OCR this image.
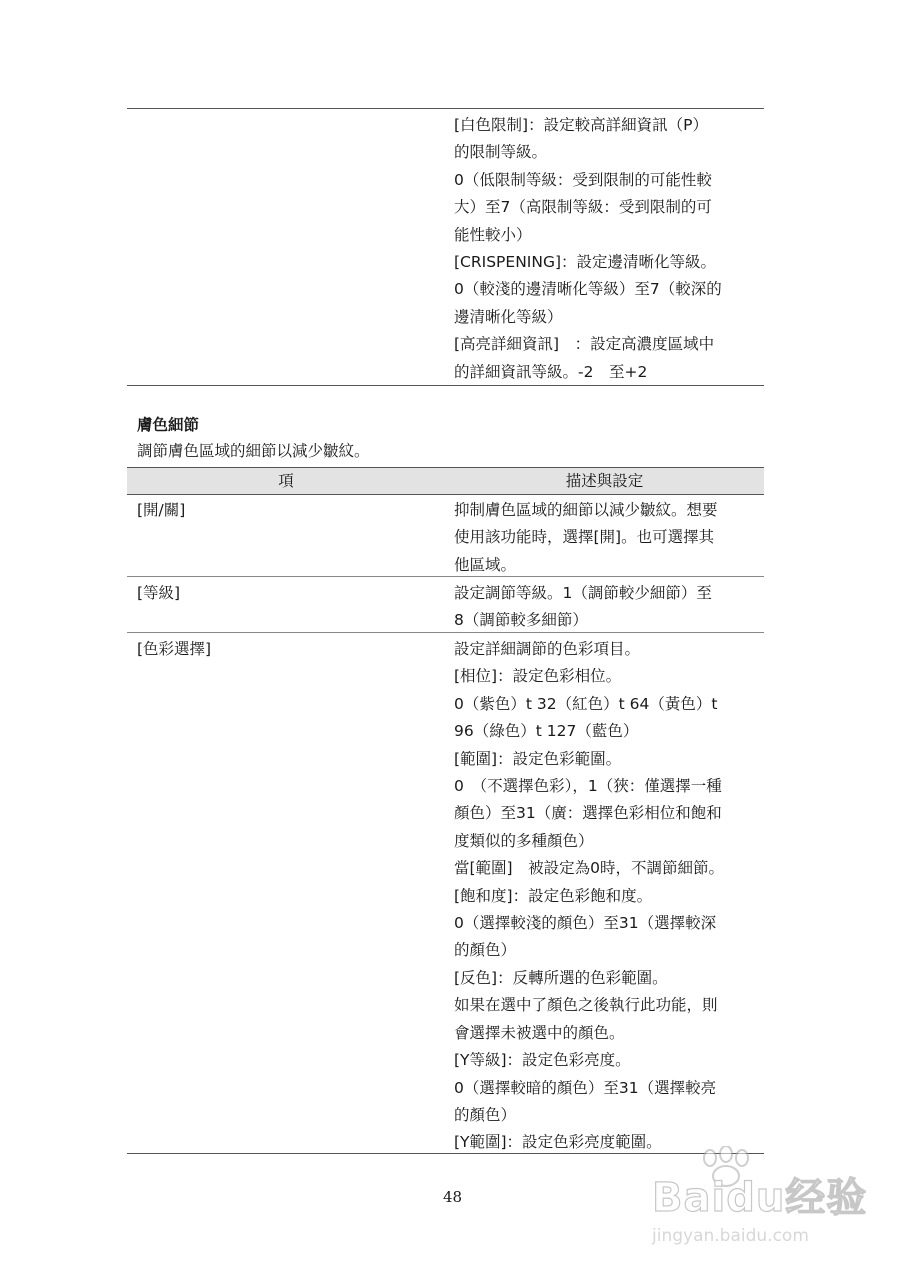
[白色限制]：設定較高詳細資訊（P）

的限制等級。

0（低限制等級：受到限制的可能性較

大）至7（高限制等級：受到限制的可

能性較小）

[CRISPENING]：設定邊清晰化等級。

0（較淺的邊清晰化等級）至7（較深的

邊清晰化等級）

[高亮詳細資訊]　：設定高濃度區域中

的詳細資訊等級。-2　至+2

膚色細節

調節膚色區域的細節以減少皺紋。

項	描述與設定

[開/關]	抑制膚色區域的細節以減少皺紋。想要

使用該功能時，選擇[開]。也可選擇其

他區域。

[等級]	設定調節等級。1（調節較少細節）至

8（調節較多細節）

[色彩選擇]	設定詳細調節的色彩項目。

[相位]：設定色彩相位。

0（紫色）t 32（紅色）t 64（黃色）t

96（綠色）t 127（藍色）

[範圍]：設定色彩範圍。

0　（不選擇色彩），1（狹：僅選擇一種

顏色）至31（廣：選擇色彩相位和飽和

度類似的多種顏色）

當[範圍]　被設定為0時，不調節細節。

[飽和度]：設定色彩飽和度。

0（選擇較淺的顏色）至31（選擇較深

的顏色）

[反色]：反轉所選的色彩範圍。

如果在選中了顏色之後執行此功能，則

會選擇未被選中的顏色。

[Y等級]：設定色彩亮度。

0（選擇較暗的顏色）至31（選擇較亮

的顏色）

[Y範圍]：設定色彩亮度範圍。

48	Baidu经验
jingyan.baidu.com
